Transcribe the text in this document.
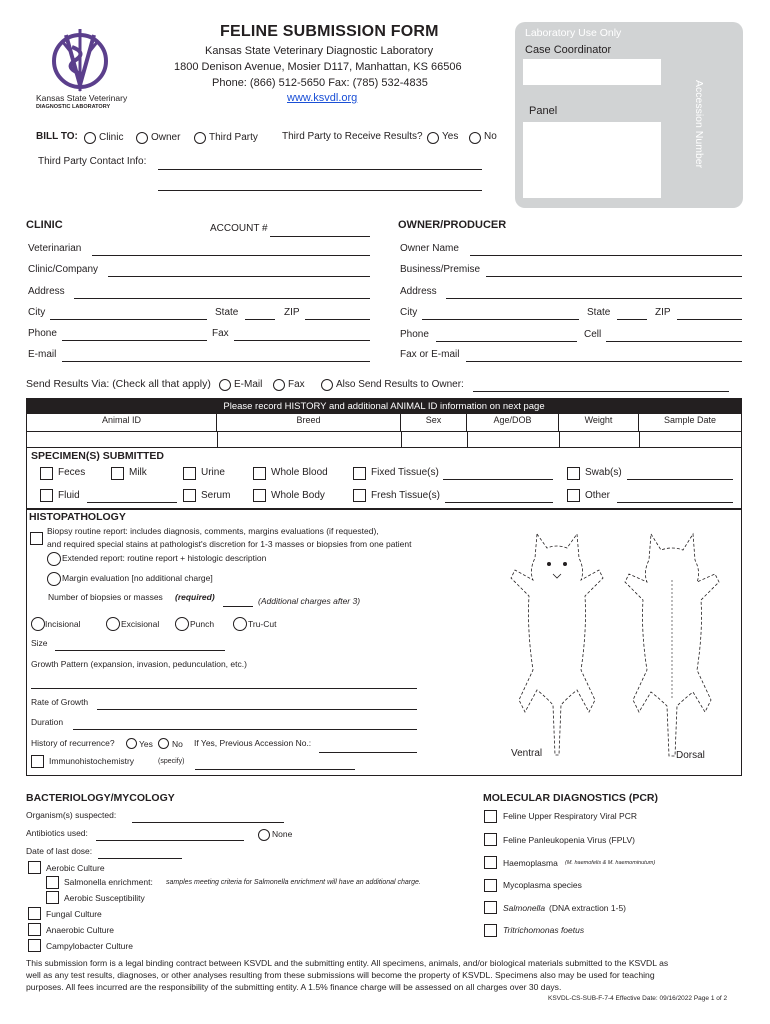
Kansas State Veterinary
DIAGNOSTIC LABORATORY
FELINE SUBMISSION FORM
Kansas State Veterinary Diagnostic Laboratory
1800 Denison Avenue, Mosier D117, Manhattan, KS 66506
Phone: (866) 512-5650 Fax: (785) 532-4835
www.ksvdl.org
Laboratory Use Only
Case Coordinator
Panel	Accession Number
BILL TO: Clinic	Owner	Third Party Third Party to Receive Results? Yes	No
Third Party Contact Info:
CLINIC	ACCOUNT #
Veterinarian
Clinic/Company
Address
City	State	ZIP
Phone	Fax
E-mail
OWNER/PRODUCER
Owner Name
Business/Premise
Address
City	State	ZIP
Phone	Cell
Fax or E-mail
Send Results Via: (Check all that apply) E-Mail	Fax	Also Send Results to Owner:
Please record HISTORY and additional ANIMAL ID information on next page
Animal ID	Breed	Sex	Age/DOB	Weight	Sample Date
SPECIMEN(S) SUBMITTED
Feces	Milk	Urine	Whole Blood	Fixed Tissue(s)	Swab(s)
Fluid	Serum	Whole Body	Fresh Tissue(s)	Other
HISTOPATHOLOGY
Biopsy routine report: includes diagnosis, comments, margins evaluations (if requested),
and required special stains at pathologist's discretion for 1-3 masses or biopsies from one patient
Extended report: routine report + histologic description
Margin evaluation [no additional charge]
Number of biopsies or masses (required)	(Additional charges after 3)
Incisional	Excisional	Punch	Tru-Cut
Size
Growth Pattern (expansion, invasion, pedunculation, etc.)
Rate of Growth
Duration
History of recurrence?	Yes No If Yes, Previous Accession No.:
Immunohistochemistry	(specify)
Ventral	Dorsal
BACTERIOLOGY/MYCOLOGY
Organism(s) suspected:
Antibiotics used:	None
Date of last dose:
Aerobic Culture
Salmonella enrichment: samples meeting criteria for Salmonella enrichment will have an additional charge.
Aerobic Susceptibility
Fungal Culture
Anaerobic Culture
Campylobacter Culture
MOLECULAR DIAGNOSTICS (PCR)
Feline Upper Respiratory Viral PCR
Feline Panleukopenia Virus (FPLV)
Haemoplasma (M. haemofelis & M. haemominutum)
Mycoplasma species
Salmonella (DNA extraction 1-5)
Tritrichomonas foetus
This submission form is a legal binding contract between KSVDL and the submitting entity. All specimens, animals, and/or biological materials submitted to the KSVDL as
well as any test results, diagnoses, or other analyses resulting from these submissions will become the property of KSVDL. Specimens also may be used for teaching
purposes. All fees incurred are the responsibility of the submitting entity. A 1.5% finance charge will be assessed on all charges over 30 days.
KSVDL-CS-SUB-F-7-4 Effective Date: 09/16/2022 Page 1 of 2
